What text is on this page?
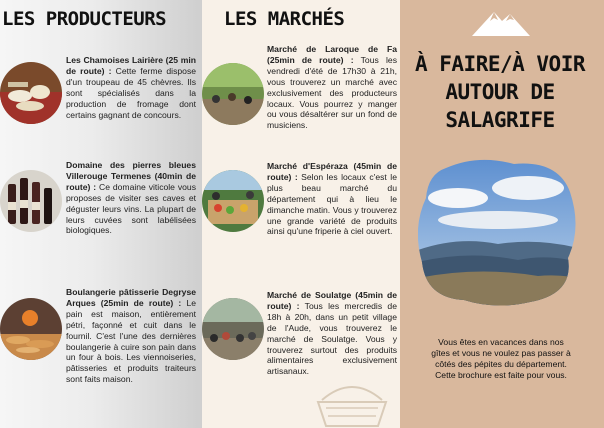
LES PRODUCTEURS
Les Chamoises Lairière (25 min de route) : Cette ferme dispose d'un troupeau de 45 chèvres. Ils sont spécialisés dans la production de fromage dont certains gagnant de concours.
Domaine des pierres bleues Villerouge Termenes (40min de route) : Ce domaine viticole vous proposes de visiter ses caves et déguster leurs vins. La plupart de leurs cuvées sont labélisées biologiques.
Boulangerie pâtisserie Degryse Arques (25min de route) : Le pain est maison, entièrement pétri, façonné et cuit dans le fournil. C'est l'une des dernières boulangerie à cuire son pain dans un four à bois. Les viennoiseries, pâtisseries et produits traiteurs sont faits maison.
LES MARCHÉS
Marché de Laroque de Fa (25min de route) : Tous les vendredi d'été de 17h30 à 21h, vous trouverez un marché avec exclusivement des producteurs locaux. Vous pourrez y manger ou vous désaltérer sur un fond de musiciens.
Marché d'Espéraza (45min de route) : Selon les locaux c'est le plus beau marché du département qui à lieu le dimanche matin. Vous y trouverez une grande variété de produits ainsi qu'une friperie à ciel ouvert.
Marché de Soulatge (45min de route) : Tous les mercredis de 18h à 20h, dans un petit village de l'Aude, vous trouverez le marché de Soulatge. Vous y trouverez surtout des produits alimentaires exclusivement artisanaux.
À FAIRE/À VOIR AUTOUR DE SALAGRIFE
Vous êtes en vacances dans nos gîtes et vous ne voulez pas passer à côtés des pépites du département. Cette brochure est faite pour vous.
